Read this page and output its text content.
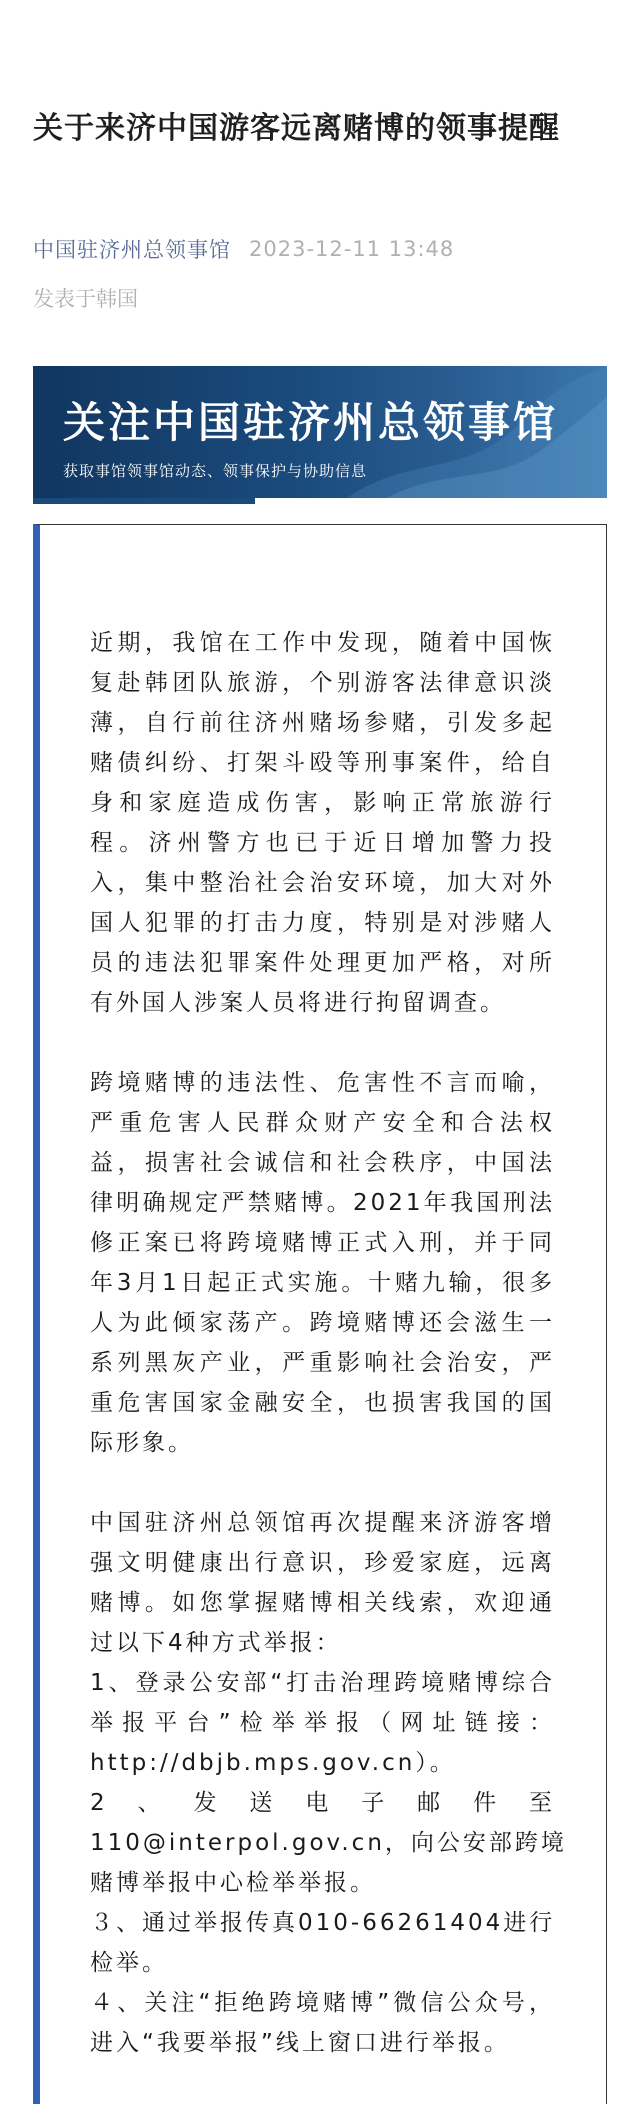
关于来济中国游客远离赌博的领事提醒
中国驻济州总领事馆 2023-12-11 13:48
发表于韩国
关注中国驻济州总领事馆
获取事馆领事馆动态、领事保护与协助信息
近期，我馆在工作中发现，随着中国恢
复赴韩团队旅游，个别游客法律意识淡
薄，自行前往济州赌场参赌，引发多起
赌债纠纷、打架斗殴等刑事案件，给自
身和家庭造成伤害，影响正常旅游行
程。济州警方也已于近日增加警力投
入，集中整治社会治安环境，加大对外
国人犯罪的打击力度，特别是对涉赌人
员的违法犯罪案件处理更加严格，对所
有外国人涉案人员将进行拘留调查。
跨境赌博的违法性、危害性不言而喻，
严重危害人民群众财产安全和合法权
益，损害社会诚信和社会秩序，中国法
律明确规定严禁赌博。2021年我国刑法
修正案已将跨境赌博正式入刑，并于同
年3月1日起正式实施。十赌九输，很多
人为此倾家荡产。跨境赌博还会滋生一
系列黑灰产业，严重影响社会治安，严
重危害国家金融安全，也损害我国的国
际形象。
中国驻济州总领馆再次提醒来济游客增
强文明健康出行意识，珍爱家庭，远离
赌博。如您掌握赌博相关线索，欢迎通
过以下4种方式举报：
1、登录公安部“打击治理跨境赌博综合
举报平台”检举举报（网址链接：
http://dbjb.mps.gov.cn）。
2、发送电子邮件至
110@interpol.gov.cn，向公安部跨境
赌博举报中心检举举报。
３、通过举报传真010-66261404进行
检举。
４、关注“拒绝跨境赌博”微信公众号，
进入“我要举报”线上窗口进行举报。
